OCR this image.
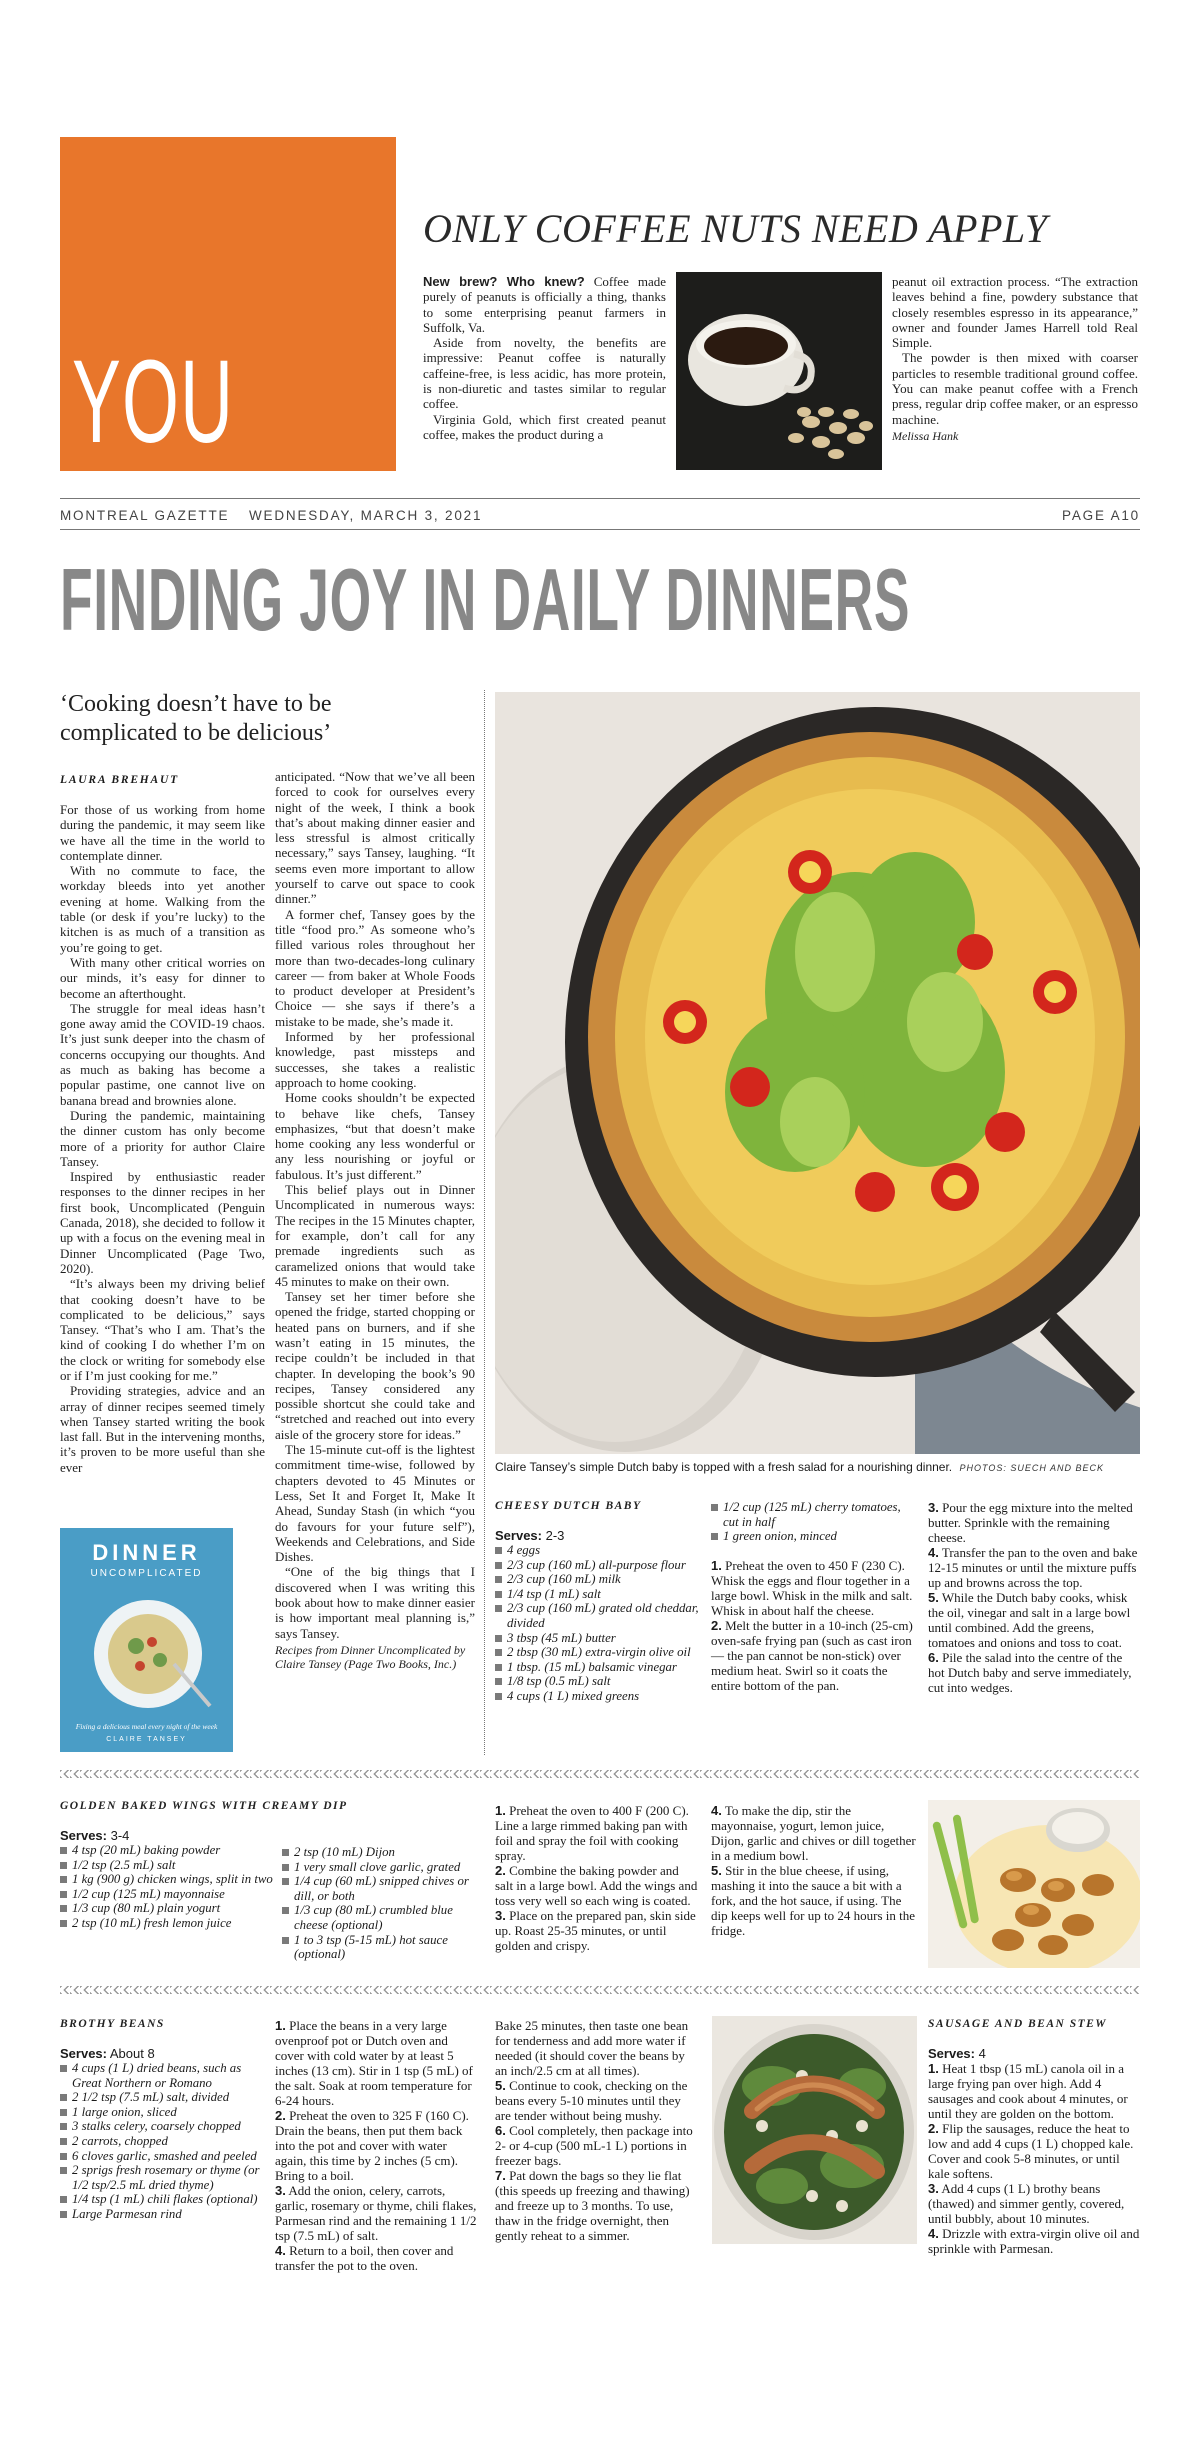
YOU
ONLY COFFEE NUTS NEED APPLY

New brew? Who knew? Coffee made purely of peanuts is officially a thing, thanks to some enterprising peanut farmers in Suffolk, Va.

Aside from novelty, the benefits are impressive: Peanut coffee is naturally caffeine-free, is less acidic, has more protein, is non-diuretic and tastes similar to regular coffee.

Virginia Gold, which first created peanut coffee, makes the product during a

peanut oil extraction process. “The extraction leaves behind a fine, powdery substance that closely resembles espresso in its appearance,” owner and founder James Harrell told Real Simple.

The powder is then mixed with coarser particles to resemble traditional ground coffee. You can make peanut coffee with a French press, regular drip coffee maker, or an espresso machine.

Melissa Hank

MONTREAL GAZETTE WEDNESDAY, MARCH 3, 2021	PAGE A10
FINDING JOY IN DAILY DINNERS
‘Cooking doesn’t have to be complicated to be delicious’
LAURA BREHAUT

For those of us working from home during the pandemic, it may seem like we have all the time in the world to contemplate dinner.

With no commute to face, the workday bleeds into yet another evening at home. Walking from the table (or desk if you’re lucky) to the kitchen is as much of a transition as you’re going to get.

With many other critical worries on our minds, it’s easy for dinner to become an afterthought.

The struggle for meal ideas hasn’t gone away amid the COVID-19 chaos. It’s just sunk deeper into the chasm of concerns occupying our thoughts. And as much as baking has become a popular pastime, one cannot live on banana bread and brownies alone.

During the pandemic, maintaining the dinner custom has only become more of a priority for author Claire Tansey.

Inspired by enthusiastic reader responses to the dinner recipes in her first book, Uncomplicated (Penguin Canada, 2018), she decided to follow it up with a focus on the evening meal in Dinner Uncomplicated (Page Two, 2020).

“It’s always been my driving belief that cooking doesn’t have to be complicated to be delicious,” says Tansey. “That’s who I am. That’s the kind of cooking I do whether I’m on the clock or writing for somebody else or if I’m just cooking for me.”

Providing strategies, advice and an array of dinner recipes seemed timely when Tansey started writing the book last fall. But in the intervening months, it’s proven to be more useful than she ever

DINNER
UNCOMPLICATED
Fixing a delicious meal every night of the week
CLAIRE TANSEY

anticipated. “Now that we’ve all been forced to cook for ourselves every night of the week, I think a book that’s about making dinner easier and less stressful is almost critically necessary,” says Tansey, laughing. “It seems even more important to allow yourself to carve out space to cook dinner.”

A former chef, Tansey goes by the title “food pro.” As someone who’s filled various roles throughout her more than two-decades-long culinary career — from baker at Whole Foods to product developer at President’s Choice — she says if there’s a mistake to be made, she’s made it.

Informed by her professional knowledge, past missteps and successes, she takes a realistic approach to home cooking.

Home cooks shouldn’t be expected to behave like chefs, Tansey emphasizes, “but that doesn’t make home cooking any less wonderful or any less nourishing or joyful or fabulous. It’s just different.”

This belief plays out in Dinner Uncomplicated in numerous ways: The recipes in the 15 Minutes chapter, for example, don’t call for any premade ingredients such as caramelized onions that would take 45 minutes to make on their own.

Tansey set her timer before she opened the fridge, started chopping or heated pans on burners, and if she wasn’t eating in 15 minutes, the recipe couldn’t be included in that chapter. In developing the book’s 90 recipes, Tansey considered any possible shortcut she could take and “stretched and reached out into every aisle of the grocery store for ideas.”

The 15-minute cut-off is the lightest commitment time-wise, followed by chapters devoted to 45 Minutes or Less, Set It and Forget It, Make It Ahead, Sunday Stash (in which “you do favours for your future self”), Weekends and Celebrations, and Side Dishes.

“One of the big things that I discovered when I was writing this book about how to make dinner easier is how important meal planning is,” says Tansey.

Recipes from Dinner Uncomplicated by Claire Tansey (Page Two Books, Inc.)

Claire Tansey’s simple Dutch baby is topped with a fresh salad for a nourishing dinner. PHOTOS: SUECH AND BECK
CHEESY DUTCH BABY
Serves: 2-3
4 eggs
2/3 cup (160 mL) all-purpose flour
2/3 cup (160 mL) milk
1/4 tsp (1 mL) salt
2/3 cup (160 mL) grated old cheddar, divided
3 tbsp (45 mL) butter
2 tbsp (30 mL) extra-virgin olive oil
1 tbsp. (15 mL) balsamic vinegar
1/8 tsp (0.5 mL) salt
4 cups (1 L) mixed greens
1/2 cup (125 mL) cherry tomatoes, cut in half
1 green onion, minced

1. Preheat the oven to 450 F (230 C). Whisk the eggs and flour together in a large bowl. Whisk in the milk and salt. Whisk in about half the cheese.

2. Melt the butter in a 10-inch (25-cm) oven-safe frying pan (such as cast iron — the pan cannot be non-stick) over medium heat. Swirl so it coats the entire bottom of the pan.

3. Pour the egg mixture into the melted butter. Sprinkle with the remaining cheese.

4. Transfer the pan to the oven and bake 12-15 minutes or until the mixture puffs up and browns across the top.

5. While the Dutch baby cooks, whisk the oil, vinegar and salt in a large bowl until combined. Add the greens, tomatoes and onions and toss to coat.

6. Pile the salad into the centre of the hot Dutch baby and serve immediately, cut into wedges.

GOLDEN BAKED WINGS WITH CREAMY DIP
Serves: 3-4
4 tsp (20 mL) baking powder
1/2 tsp (2.5 mL) salt
1 kg (900 g) chicken wings, split in two
1/2 cup (125 mL) mayonnaise
1/3 cup (80 mL) plain yogurt
2 tsp (10 mL) fresh lemon juice
2 tsp (10 mL) Dijon
1 very small clove garlic, grated
1/4 cup (60 mL) snipped chives or dill, or both
1/3 cup (80 mL) crumbled blue cheese (optional)
1 to 3 tsp (5-15 mL) hot sauce (optional)

1. Preheat the oven to 400 F (200 C). Line a large rimmed baking pan with foil and spray the foil with cooking spray.

2. Combine the baking powder and salt in a large bowl. Add the wings and toss very well so each wing is coated.

3. Place on the prepared pan, skin side up. Roast 25-35 minutes, or until golden and crispy.

4. To make the dip, stir the mayonnaise, yogurt, lemon juice, Dijon, garlic and chives or dill together in a medium bowl.

5. Stir in the blue cheese, if using, mashing it into the sauce a bit with a fork, and the hot sauce, if using. The dip keeps well for up to 24 hours in the fridge.

BROTHY BEANS
Serves: About 8
4 cups (1 L) dried beans, such as Great Northern or Romano
2 1/2 tsp (7.5 mL) salt, divided
1 large onion, sliced
3 stalks celery, coarsely chopped
2 carrots, chopped
6 cloves garlic, smashed and peeled
2 sprigs fresh rosemary or thyme (or 1/2 tsp/2.5 mL dried thyme)
1/4 tsp (1 mL) chili flakes (optional)
Large Parmesan rind

1. Place the beans in a very large ovenproof pot or Dutch oven and cover with cold water by at least 5 inches (13 cm). Stir in 1 tsp (5 mL) of the salt. Soak at room temperature for 6-24 hours.

2. Preheat the oven to 325 F (160 C). Drain the beans, then put them back into the pot and cover with water again, this time by 2 inches (5 cm). Bring to a boil.

3. Add the onion, celery, carrots, garlic, rosemary or thyme, chili flakes, Parmesan rind and the remaining 1 1/2 tsp (7.5 mL) of salt.

4. Return to a boil, then cover and transfer the pot to the oven.

Bake 25 minutes, then taste one bean for tenderness and add more water if needed (it should cover the beans by an inch/2.5 cm at all times).

5. Continue to cook, checking on the beans every 5-10 minutes until they are tender without being mushy.

6. Cool completely, then package into 2- or 4-cup (500 mL-1 L) portions in freezer bags.

7. Pat down the bags so they lie flat (this speeds up freezing and thawing) and freeze up to 3 months. To use, thaw in the fridge overnight, then gently reheat to a simmer.

SAUSAGE AND BEAN STEW
Serves: 4

1. Heat 1 tbsp (15 mL) canola oil in a large frying pan over high. Add 4 sausages and cook about 4 minutes, or until they are golden on the bottom.

2. Flip the sausages, reduce the heat to low and add 4 cups (1 L) chopped kale. Cover and cook 5-8 minutes, or until kale softens.

3. Add 4 cups (1 L) brothy beans (thawed) and simmer gently, covered, until bubbly, about 10 minutes.

4. Drizzle with extra-virgin olive oil and sprinkle with Parmesan.
